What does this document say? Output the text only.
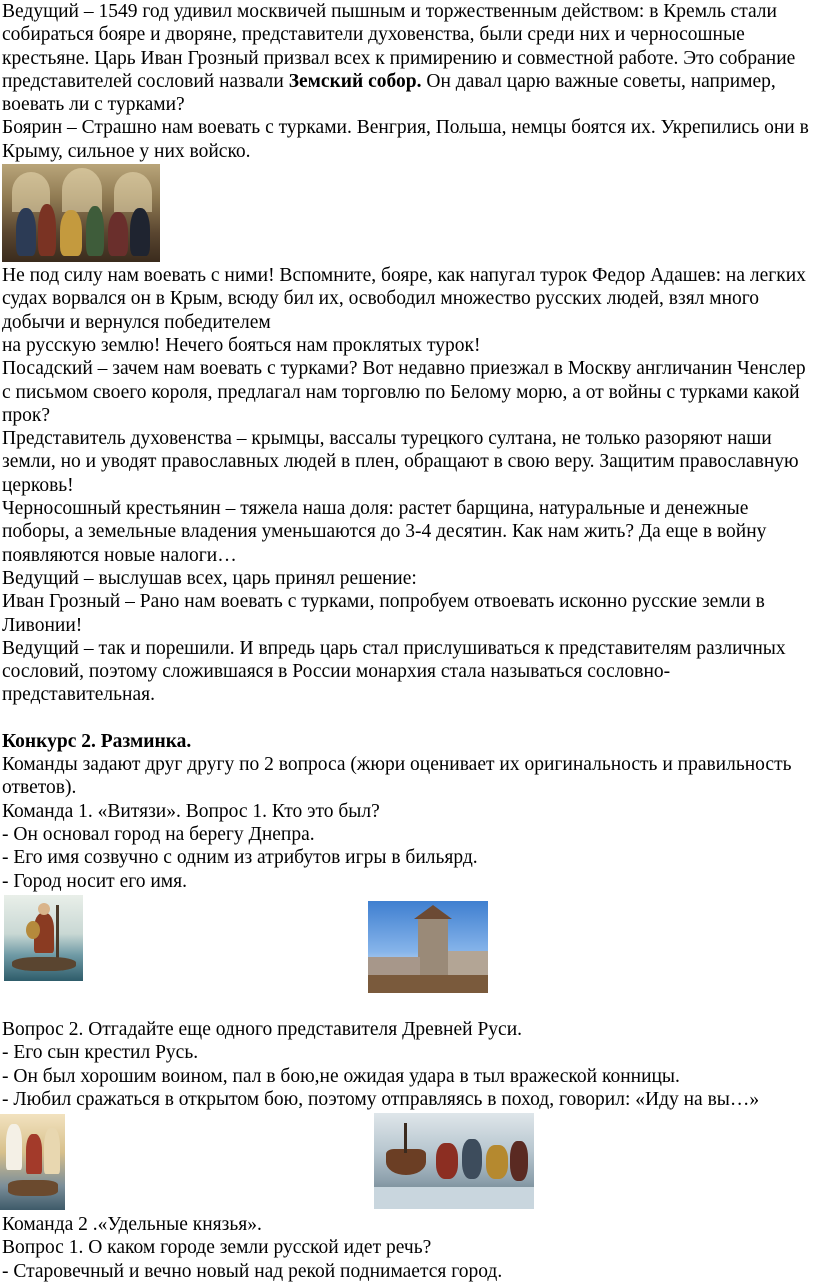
Ведущий – 1549 год удивил москвичей пышным и торжественным действом: в Кремль стали собираться бояре и дворяне, представители духовенства, были среди них и черносошные крестьяне. Царь Иван Грозный призвал всех к примирению и совместной работе. Это собрание представителей сословий назвали Земский собор. Он давал царю важные советы, например, воевать ли с турками?

Боярин – Страшно нам воевать с турками. Венгрия, Польша, немцы боятся их. Укрепились они в Крыму, сильное у них войско.

Не под силу нам воевать с ними! Вспомните, бояре, как напугал турок Федор Адашев: на легких судах ворвался он в Крым, всюду бил их, освободил множество русских людей, взял много добычи и вернулся победителем

на русскую землю! Нечего бояться нам проклятых турок!

Посадский – зачем нам воевать с турками? Вот недавно приезжал в Москву англичанин Ченслер с письмом своего короля, предлагал нам торговлю по Белому морю, а от войны с турками какой прок?

Представитель духовенства – крымцы, вассалы турецкого султана, не только разоряют наши земли, но и уводят православных людей в плен, обращают в свою веру. Защитим православную церковь!

Черносошный крестьянин – тяжела наша доля: растет барщина, натуральные и денежные поборы, а земельные владения уменьшаются до 3-4 десятин. Как нам жить? Да еще в войну появляются новые налоги…

Ведущий – выслушав всех, царь принял решение:

Иван Грозный – Рано нам воевать с турками, попробуем отвоевать исконно русские земли в Ливонии!

Ведущий – так и порешили. И впредь царь стал прислушиваться к представителям различных сословий, поэтому сложившаяся в России монархия стала называться сословно-представительная.

Конкурс 2. Разминка.

Команды задают друг другу по 2 вопроса (жюри оценивает их оригинальность и правильность ответов).

Команда 1. «Витязи». Вопрос 1. Кто это был?

- Он основал город на берегу Днепра.

- Его имя созвучно с одним из атрибутов игры в бильярд.

- Город носит его имя.

Вопрос 2. Отгадайте еще одного представителя Древней Руси.

- Его сын крестил Русь.

- Он был хорошим воином, пал в бою,не ожидая удара в тыл вражеской конницы.

- Любил сражаться в открытом бою, поэтому отправляясь в поход, говорил: «Иду на вы…»

Команда 2 .«Удельные князья».

Вопрос 1. О каком городе земли русской идет речь?

- Старовечный и вечно новый над рекой поднимается город.
